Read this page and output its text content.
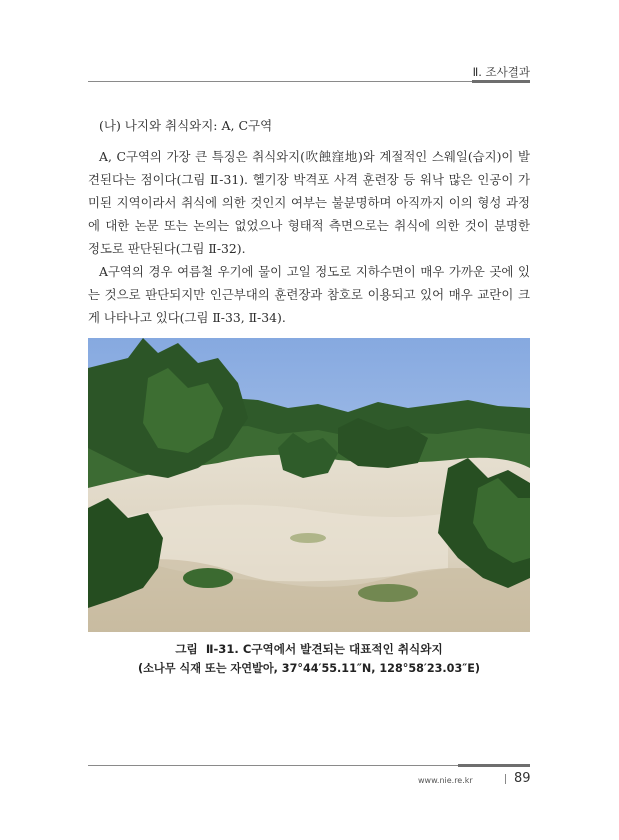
Ⅱ. 조사결과
(나) 나지와 취식와지: A, C구역

A, C구역의 가장 큰 특징은 취식와지(吹蝕窪地)와 계절적인 스웨일(습지)이 발견된다는 점이다(그림 Ⅱ-31). 헬기장 박격포 사격 훈련장 등 워낙 많은 인공이 가미된 지역이라서 취식에 의한 것인지 여부는 불분명하며 아직까지 이의 형성 과정에 대한 논문 또는 논의는 없었으나 형태적 측면으로는 취식에 의한 것이 분명한 정도로 판단된다(그림 Ⅱ-32).

A구역의 경우 여름철 우기에 물이 고일 정도로 지하수면이 매우 가까운 곳에 있는 것으로 판단되지만 인근부대의 훈련장과 참호로 이용되고 있어 매우 교란이 크게 나타나고 있다(그림 Ⅱ-33, Ⅱ-34).

그림  Ⅱ-31. C구역에서 발견되는 대표적인 취식와지
(소나무 식재 또는 자연발아, 37°44′55.11″N, 128°58′23.03″E)
www.nie.re.kr	89
